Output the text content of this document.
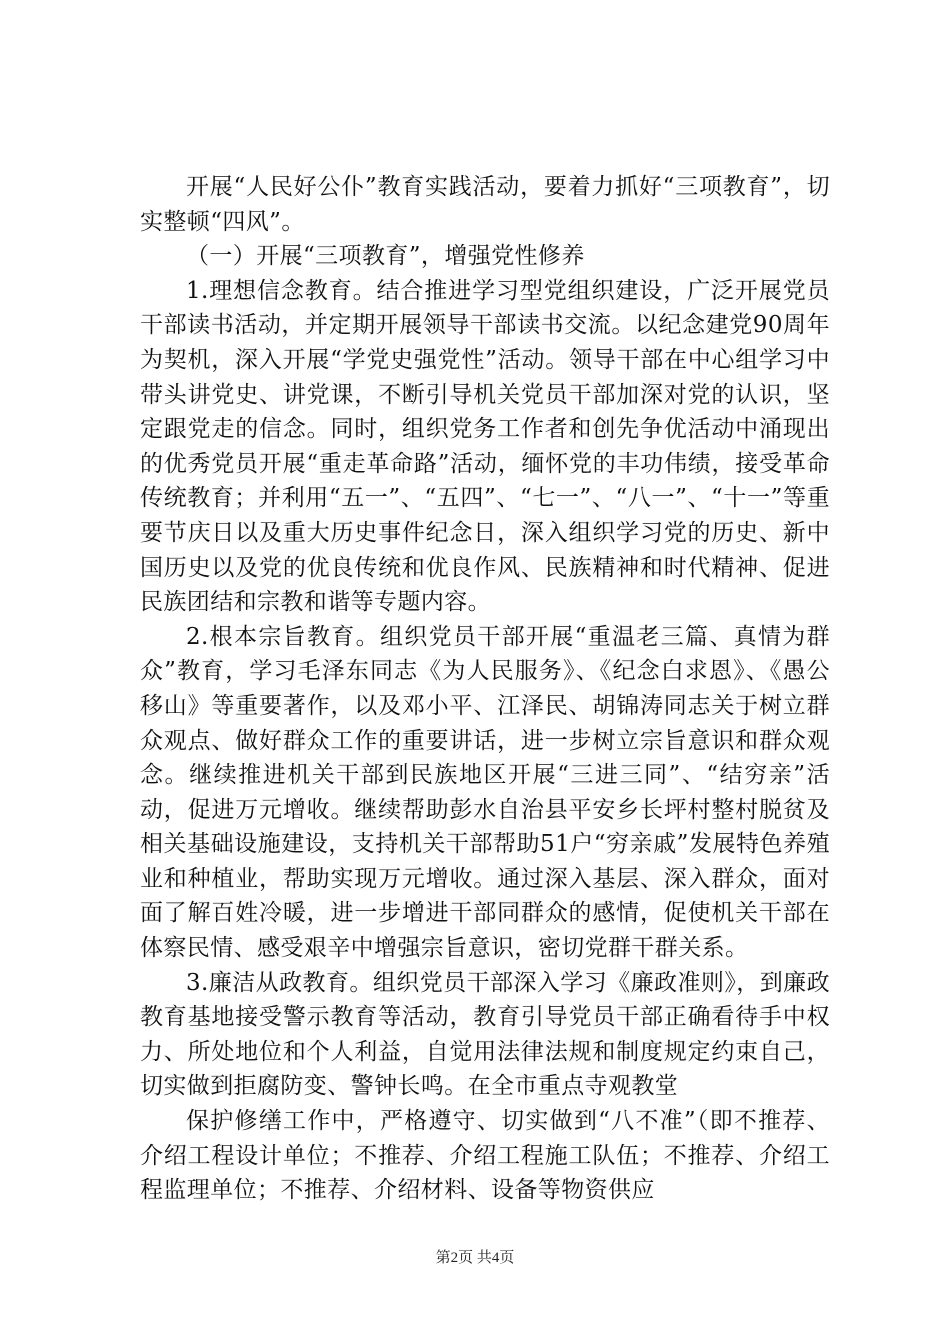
开展“人民好公仆”教育实践活动，要着力抓好“三项教育”，切实整顿“四风”。

（一）开展“三项教育”，增强党性修养

1.理想信念教育。结合推进学习型党组织建设，广泛开展党员干部读书活动，并定期开展领导干部读书交流。以纪念建党90周年为契机，深入开展“学党史强党性”活动。领导干部在中心组学习中带头讲党史、讲党课，不断引导机关党员干部加深对党的认识，坚定跟党走的信念。同时，组织党务工作者和创先争优活动中涌现出的优秀党员开展“重走革命路”活动，缅怀党的丰功伟绩，接受革命传统教育；并利用“五一”、“五四”、“七一”、“八一”、“十一”等重要节庆日以及重大历史事件纪念日，深入组织学习党的历史、新中国历史以及党的优良传统和优良作风、民族精神和时代精神、促进民族团结和宗教和谐等专题内容。

2.根本宗旨教育。组织党员干部开展“重温老三篇、真情为群众”教育，学习毛泽东同志《为人民服务》、《纪念白求恩》、《愚公移山》等重要著作，以及邓小平、江泽民、胡锦涛同志关于树立群众观点、做好群众工作的重要讲话，进一步树立宗旨意识和群众观念。继续推进机关干部到民族地区开展“三进三同”、“结穷亲”活动，促进万元增收。继续帮助彭水自治县平安乡长坪村整村脱贫及相关基础设施建设，支持机关干部帮助51户“穷亲戚”发展特色养殖业和种植业，帮助实现万元增收。通过深入基层、深入群众，面对面了解百姓冷暖，进一步增进干部同群众的感情，促使机关干部在体察民情、感受艰辛中增强宗旨意识，密切党群干群关系。

3.廉洁从政教育。组织党员干部深入学习《廉政准则》，到廉政教育基地接受警示教育等活动，教育引导党员干部正确看待手中权力、所处地位和个人利益，自觉用法律法规和制度规定约束自己，切实做到拒腐防变、警钟长鸣。在全市重点寺观教堂

保护修缮工作中，严格遵守、切实做到“八不准”（即不推荐、介绍工程设计单位；不推荐、介绍工程施工队伍；不推荐、介绍工程监理单位；不推荐、介绍材料、设备等物资供应

第2页 共4页
